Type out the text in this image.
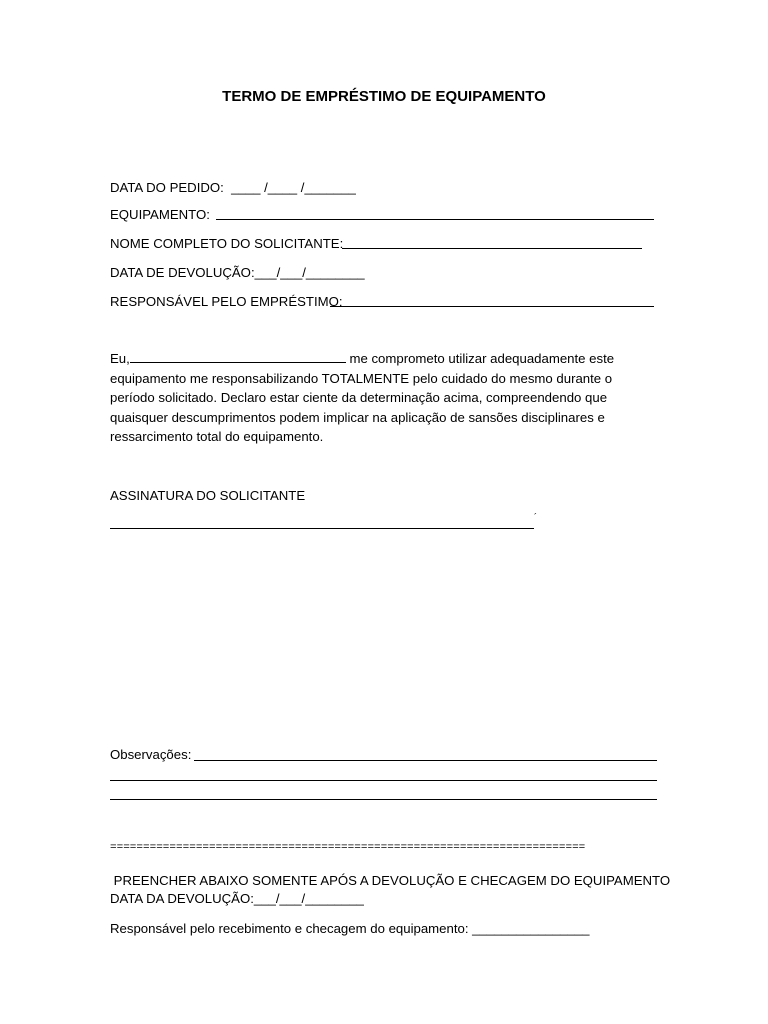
TERMO DE EMPRÉSTIMO DE EQUIPAMENTO
DATA DO PEDIDO:  ____ /____ /_______
EQUIPAMENTO:
NOME COMPLETO DO SOLICITANTE:
DATA DE DEVOLUÇÃO:___/___/________
RESPONSÁVEL PELO EMPRÉSTIMO:
Eu,	me comprometo utilizar adequadamente este equipamento me responsabilizando TOTALMENTE pelo cuidado do mesmo durante o período solicitado. Declaro estar ciente da determinação acima, compreendendo que quaisquer descumprimentos podem implicar na aplicação de sansões disciplinares e ressarcimento total do equipamento.
ASSINATURA DO SOLICITANTE
´
Observações:
========================================================================
PREENCHER ABAIXO SOMENTE APÓS A DEVOLUÇÃO E CHECAGEM DO EQUIPAMENTO
DATA DA DEVOLUÇÃO:___/___/________
Responsável pelo recebimento e checagem do equipamento: ________________
